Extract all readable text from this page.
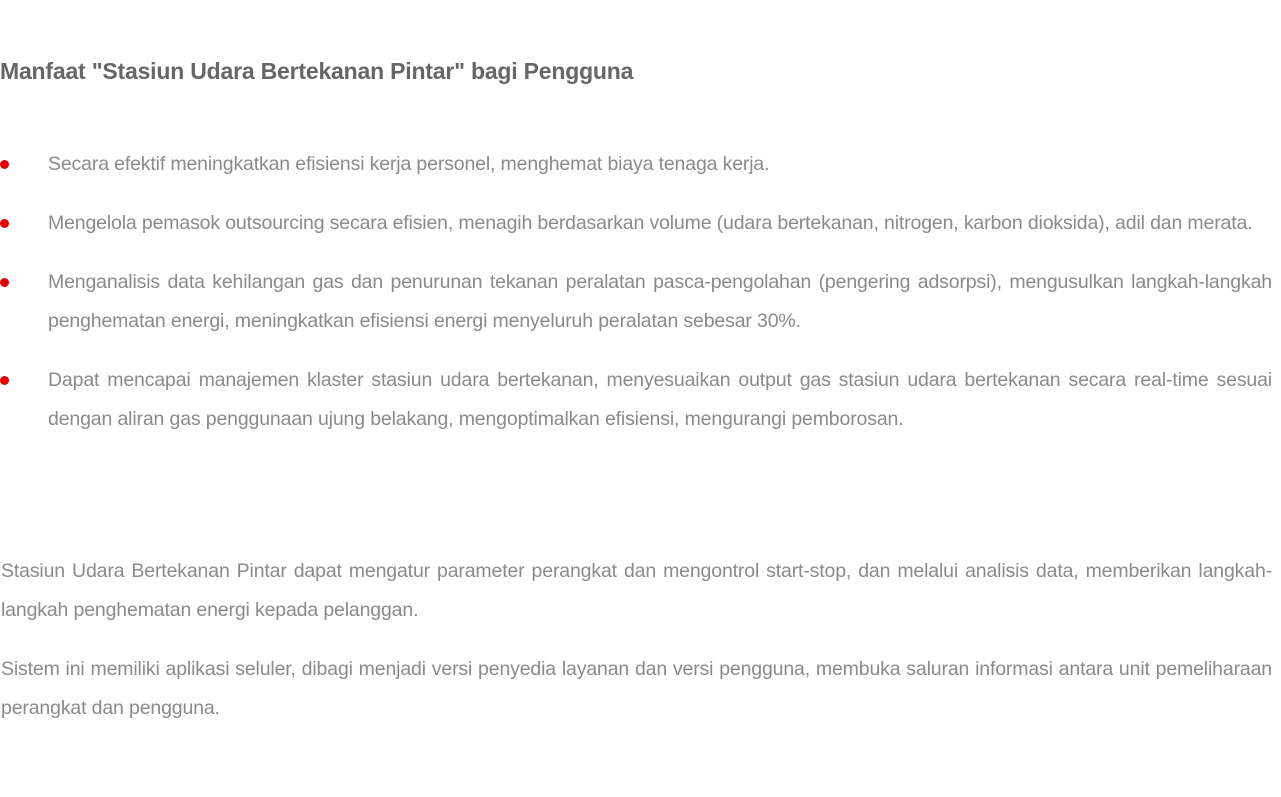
Manfaat "Stasiun Udara Bertekanan Pintar" bagi Pengguna
Secara efektif meningkatkan efisiensi kerja personel, menghemat biaya tenaga kerja.
Mengelola pemasok outsourcing secara efisien, menagih berdasarkan volume (udara bertekanan, nitrogen, karbon dioksida), adil dan merata.
Menganalisis data kehilangan gas dan penurunan tekanan peralatan pasca-pengolahan (pengering adsorpsi), mengusulkan langkah-langkah penghematan energi, meningkatkan efisiensi energi menyeluruh peralatan sebesar 30%.
Dapat mencapai manajemen klaster stasiun udara bertekanan, menyesuaikan output gas stasiun udara bertekanan secara real-time sesuai dengan aliran gas penggunaan ujung belakang, mengoptimalkan efisiensi, mengurangi pemborosan.

Stasiun Udara Bertekanan Pintar dapat mengatur parameter perangkat dan mengontrol start-stop, dan melalui analisis data, memberikan langkah-langkah penghematan energi kepada pelanggan.

Sistem ini memiliki aplikasi seluler, dibagi menjadi versi penyedia layanan dan versi pengguna, membuka saluran informasi antara unit pemeliharaan perangkat dan pengguna.
